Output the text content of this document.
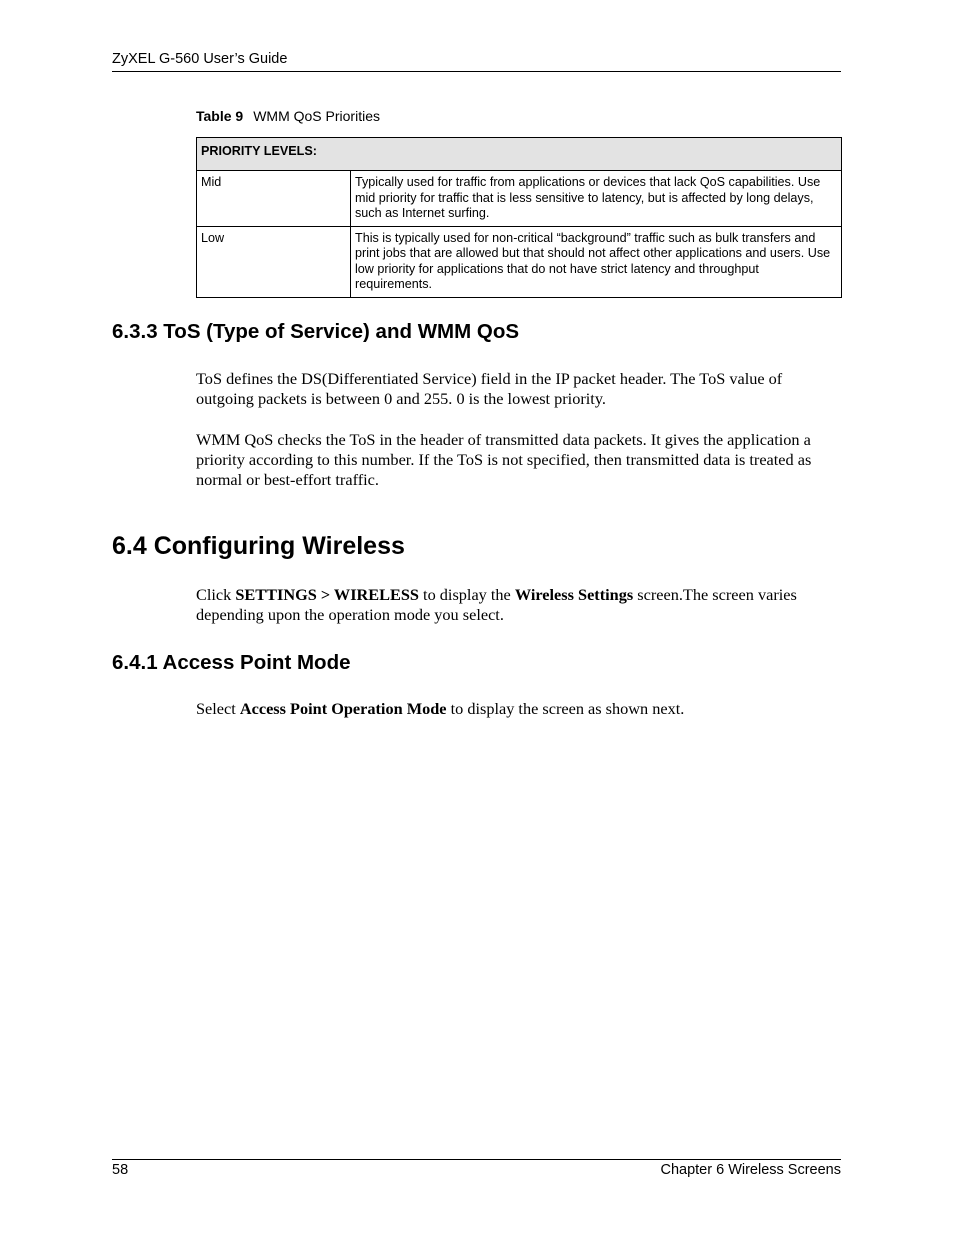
ZyXEL G-560 User’s Guide
Table 9 WMM QoS Priorities
PRIORITY LEVELS:	
Mid	Typically used for traffic from applications or devices that lack QoS capabilities. Use mid priority for traffic that is less sensitive to latency, but is affected by long delays, such as Internet surfing.
Low	This is typically used for non-critical “background” traffic such as bulk transfers and print jobs that are allowed but that should not affect other applications and users. Use low priority for applications that do not have strict latency and throughput requirements.
6.3.3 ToS (Type of Service) and WMM QoS

ToS defines the DS(Differentiated Service) field in the IP packet header. The ToS value of outgoing packets is between 0 and 255. 0 is the lowest priority.

WMM QoS checks the ToS in the header of transmitted data packets. It gives the application a priority according to this number. If the ToS is not specified, then transmitted data is treated as normal or best-effort traffic.

6.4 Configuring Wireless

Click SETTINGS > WIRELESS to display the Wireless Settings screen.The screen varies depending upon the operation mode you select.

6.4.1 Access Point Mode

Select Access Point Operation Mode to display the screen as shown next.

58	Chapter 6 Wireless Screens
